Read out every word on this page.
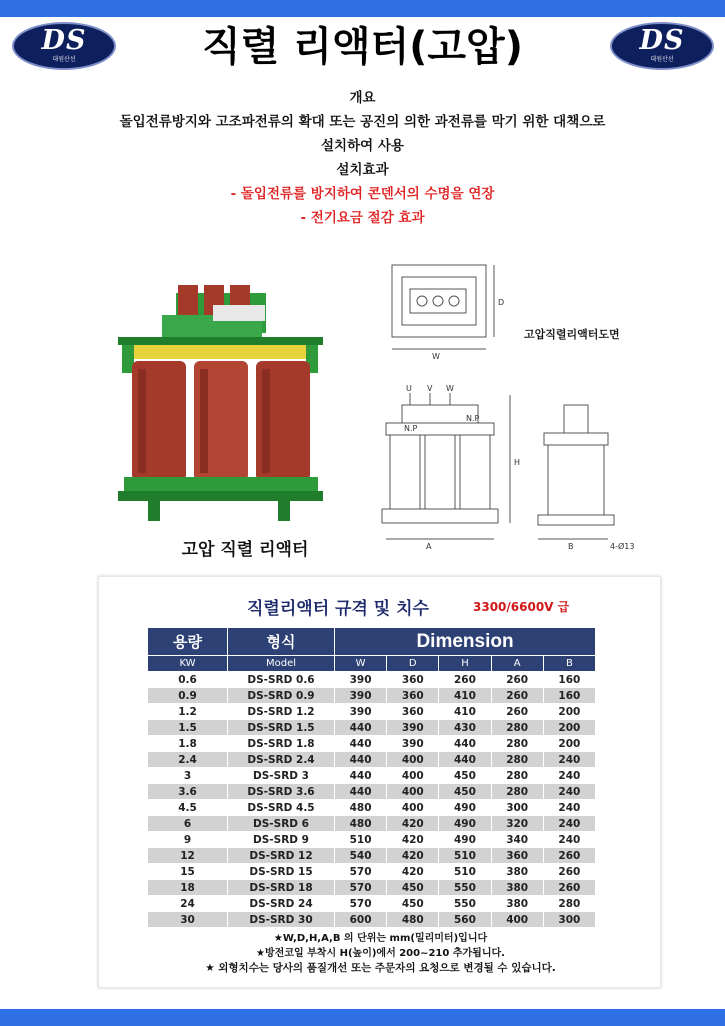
DS
대원산선	직렬 리액터(고압)	DS
대원산선
개요
돌입전류방지와 고조파전류의 확대 또는 공진의 의한 과전류를 막기 위한 대책으로
설치하여 사용
설치효과
- 돌입전류를 방지하여 콘덴서의 수명을 연장
- 전기요금 절감 효과
고압 직렬 리액터
W
D
U V W
N.P
N.P
H
A	B	4-Ø13
고압직렬리액터도면
직렬리액터 규격 및 치수	3300/6600V 급
용량	형식	Dimension				
KW	Model	W	D	H	A	B
0.6	DS-SRD 0.6	390	360	260	260	160
0.9	DS-SRD 0.9	390	360	410	260	160
1.2	DS-SRD 1.2	390	360	410	260	200
1.5	DS-SRD 1.5	440	390	430	280	200
1.8	DS-SRD 1.8	440	390	440	280	200
2.4	DS-SRD 2.4	440	400	440	280	240
3	DS-SRD 3	440	400	450	280	240
3.6	DS-SRD 3.6	440	400	450	280	240
4.5	DS-SRD 4.5	480	400	490	300	240
6	DS-SRD 6	480	420	490	320	240
9	DS-SRD 9	510	420	490	340	240
12	DS-SRD 12	540	420	510	360	260
15	DS-SRD 15	570	420	510	380	260
18	DS-SRD 18	570	450	550	380	260
24	DS-SRD 24	570	450	550	380	280
30	DS-SRD 30	600	480	560	400	300
★W,D,H,A,B 의 단위는 mm(밀리미터)입니다
★방전코일 부착시 H(높이)에서 200~210 추가됩니다.
★ 외형치수는 당사의 품질개선 또는 주문자의 요청으로 변경될 수 있습니다.
